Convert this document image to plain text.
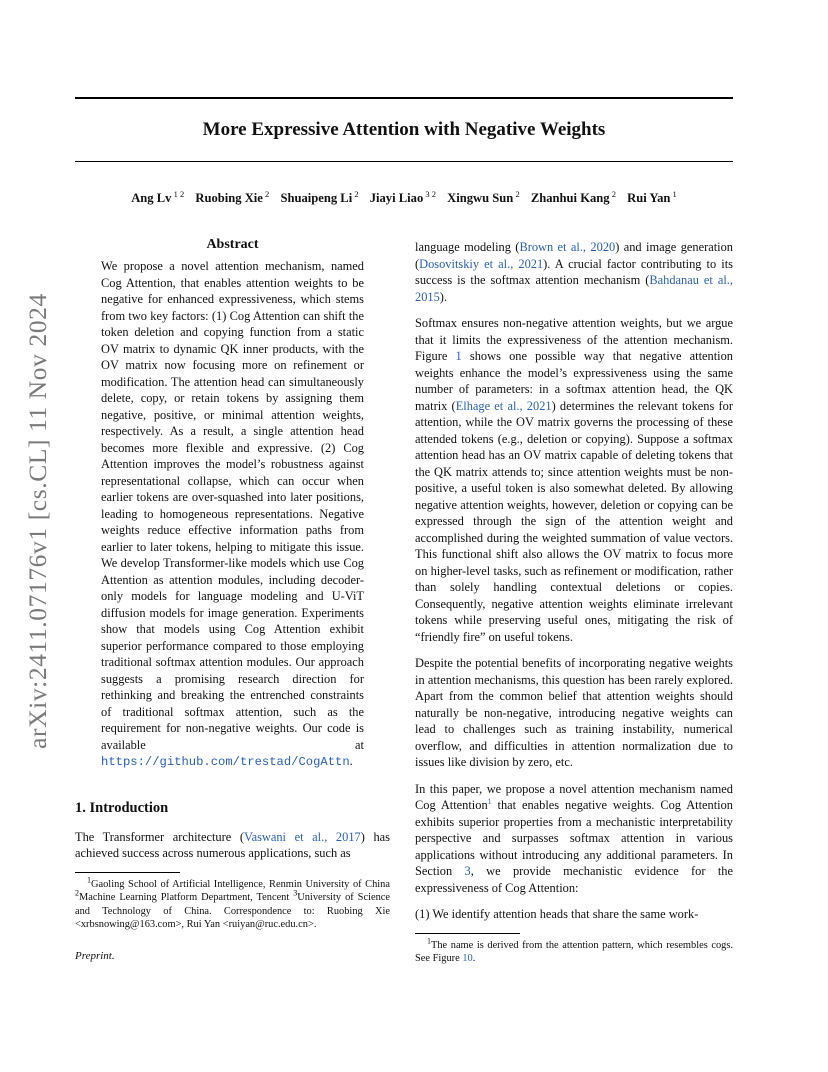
More Expressive Attention with Negative Weights
Ang Lv $^{1 2}$ Ruobing Xie $^2$ Shuaipeng Li $^2$ Jiayi Liao $^{3 2}$ Xingwu Sun $^2$ Zhanhui Kang $^2$ Rui Yan $^1$
arXiv:2411.07176v1 [cs.CL] 11 Nov 2024
Abstract

We propose a novel attention mechanism, named Cog Attention, that enables attention weights to be negative for enhanced expressiveness, which stems from two key factors: (1) Cog Attention can shift the token deletion and copying function from a static OV matrix to dynamic QK inner products, with the OV matrix now focusing more on refinement or modification. The attention head can simultaneously delete, copy, or retain tokens by assigning them negative, positive, or minimal attention weights, respectively. As a result, a single attention head becomes more flexible and expressive. (2) Cog Attention improves the model’s robustness against representational collapse, which can occur when earlier tokens are over-squashed into later positions, leading to homogeneous representations. Negative weights reduce effective information paths from earlier to later tokens, helping to mitigate this issue. We develop Transformer-like models which use Cog Attention as attention modules, including decoder-only models for language modeling and U-ViT diffusion models for image generation. Experiments show that models using Cog Attention exhibit superior performance compared to those employing traditional softmax attention modules. Our approach suggests a promising research direction for rethinking and breaking the entrenched constraints of traditional softmax attention, such as the requirement for non-negative weights. Our code is available at https://github.com/trestad/CogAttn.

1. Introduction

The Transformer architecture (Vaswani et al., 2017) has achieved success across numerous applications, such as

$^1$Gaoling School of Artificial Intelligence, Renmin University of China $^2$Machine Learning Platform Department, Tencent $^3$University of Science and Technology of China. Correspondence to: Ruobing Xie <xrbsnowing@163.com>, Rui Yan <ruiyan@ruc.edu.cn>.

Preprint.

language modeling (Brown et al., 2020) and image generation (Dosovitskiy et al., 2021). A crucial factor contributing to its success is the softmax attention mechanism (Bahdanau et al., 2015).

Softmax ensures non-negative attention weights, but we argue that it limits the expressiveness of the attention mechanism. Figure 1 shows one possible way that negative attention weights enhance the model’s expressiveness using the same number of parameters: in a softmax attention head, the QK matrix (Elhage et al., 2021) determines the relevant tokens for attention, while the OV matrix governs the processing of these attended tokens (e.g., deletion or copying). Suppose a softmax attention head has an OV matrix capable of deleting tokens that the QK matrix attends to; since attention weights must be non-positive, a useful token is also somewhat deleted. By allowing negative attention weights, however, deletion or copying can be expressed through the sign of the attention weight and accomplished during the weighted summation of value vectors. This functional shift also allows the OV matrix to focus more on higher-level tasks, such as refinement or modification, rather than solely handling contextual deletions or copies. Consequently, negative attention weights eliminate irrelevant tokens while preserving useful ones, mitigating the risk of “friendly fire” on useful tokens.

Despite the potential benefits of incorporating negative weights in attention mechanisms, this question has been rarely explored. Apart from the common belief that attention weights should naturally be non-negative, introducing negative weights can lead to challenges such as training instability, numerical overflow, and difficulties in attention normalization due to issues like division by zero, etc.

In this paper, we propose a novel attention mechanism named Cog Attention$^1$ that enables negative weights. Cog Attention exhibits superior properties from a mechanistic interpretability perspective and surpasses softmax attention in various applications without introducing any additional parameters. In Section 3, we provide mechanistic evidence for the expressiveness of Cog Attention:

(1) We identify attention heads that share the same work-

$^1$The name is derived from the attention pattern, which resembles cogs. See Figure 10.
